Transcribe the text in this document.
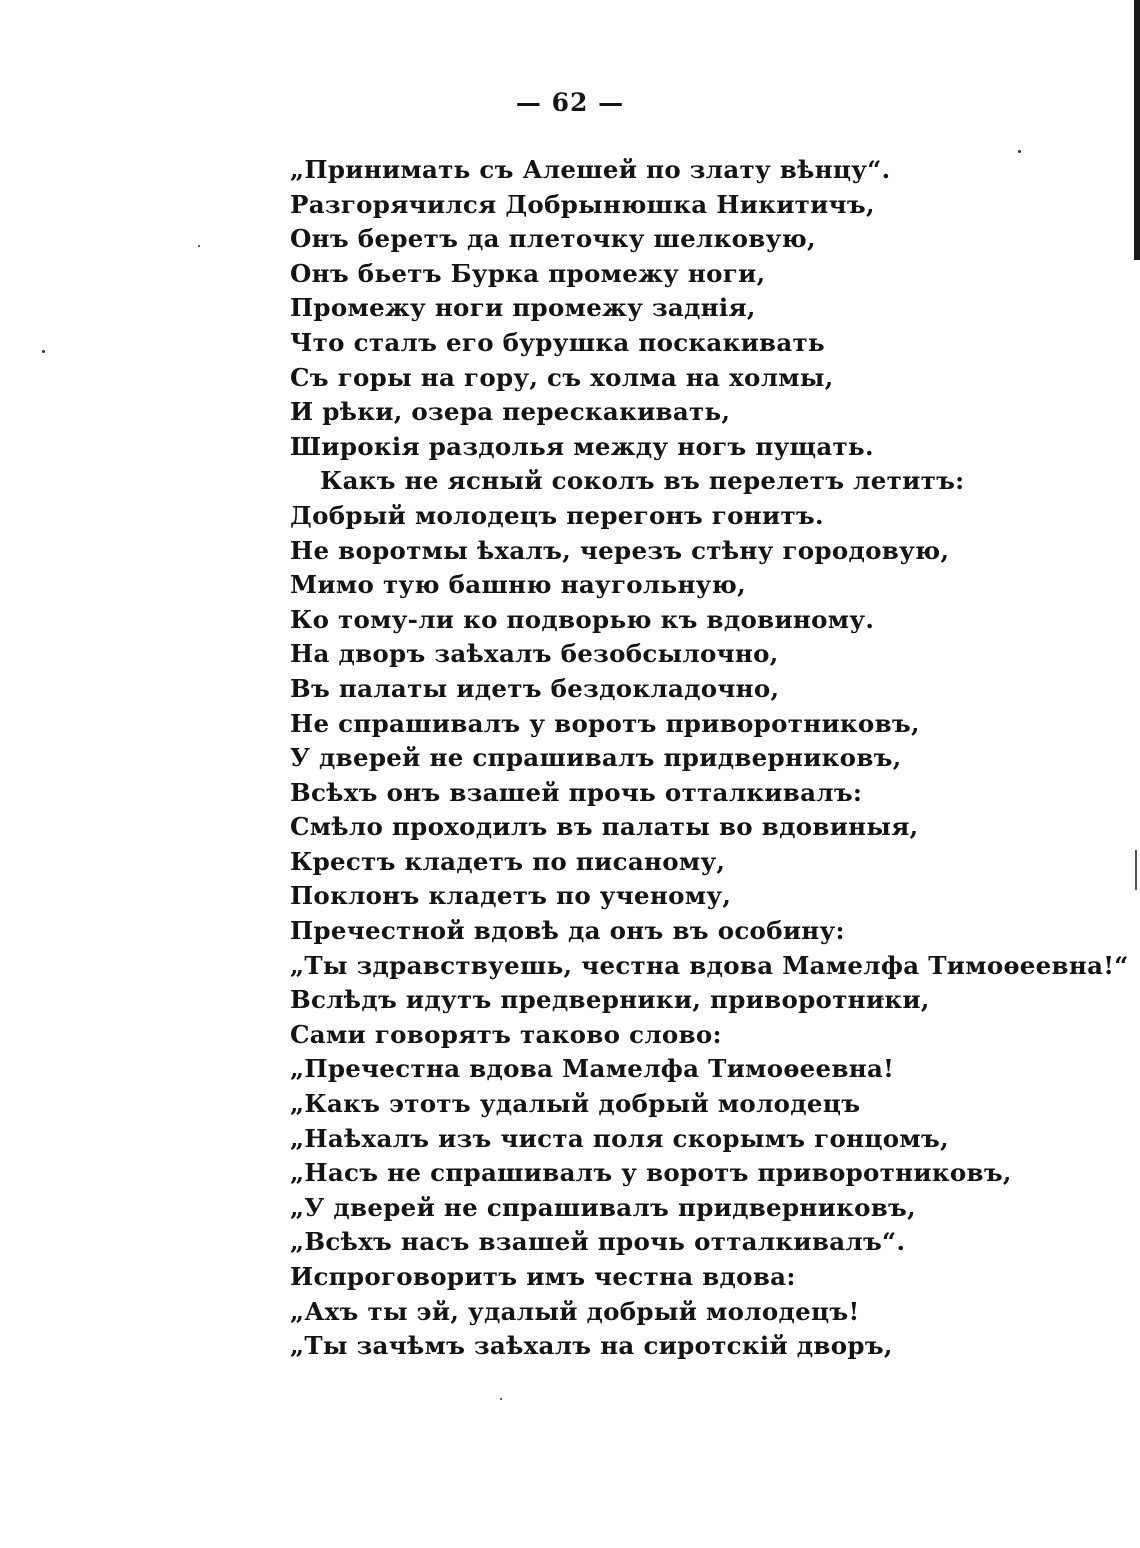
— 62 —
„Принимать съ Алешей по злату вѣнцу“.
Разгорячился Добрынюшка Никитичъ,
Онъ беретъ да плеточку шелковую,
Онъ бьетъ Бурка промежу ноги,
Промежу ноги промежу заднія,
Что сталъ его бурушка поскакивать
Съ горы на гору, съ холма на холмы,
И рѣки, озера перескакивать,
Широкія раздолья между ногъ пущать.
Какъ не ясный соколъ въ перелетъ летитъ:
Добрый молодецъ перегонъ гонитъ.
Не воротмы ѣхалъ, черезъ стѣну городовую,
Мимо тую башню наугольную,
Ко тому-ли ко подворью къ вдовиному.
На дворъ заѣхалъ безобсылочно,
Въ палаты идетъ бездокладочно,
Не спрашивалъ у воротъ приворотниковъ,
У дверей не спрашивалъ придверниковъ,
Всѣхъ онъ взашей прочь отталкивалъ:
Смѣло проходилъ въ палаты во вдовиныя,
Крестъ кладетъ по писаному,
Поклонъ кладетъ по ученому,
Пречестной вдовѣ да онъ въ особину:
„Ты здравствуешь, честна вдова Мамелфа Тимоѳеевна!“
Вслѣдъ идутъ предверники, приворотники,
Сами говорятъ таково слово:
„Пречестна вдова Мамелфа Тимоѳеевна!
„Какъ этотъ удалый добрый молодецъ
„Наѣхалъ изъ чиста поля скорымъ гонцомъ,
„Насъ не спрашивалъ у воротъ приворотниковъ,
„У дверей не спрашивалъ придверниковъ,
„Всѣхъ насъ взашей прочь отталкивалъ“.
Испроговоритъ имъ честна вдова:
„Ахъ ты эй, удалый добрый молодецъ!
„Ты зачѣмъ заѣхалъ на сиротскій дворъ,
